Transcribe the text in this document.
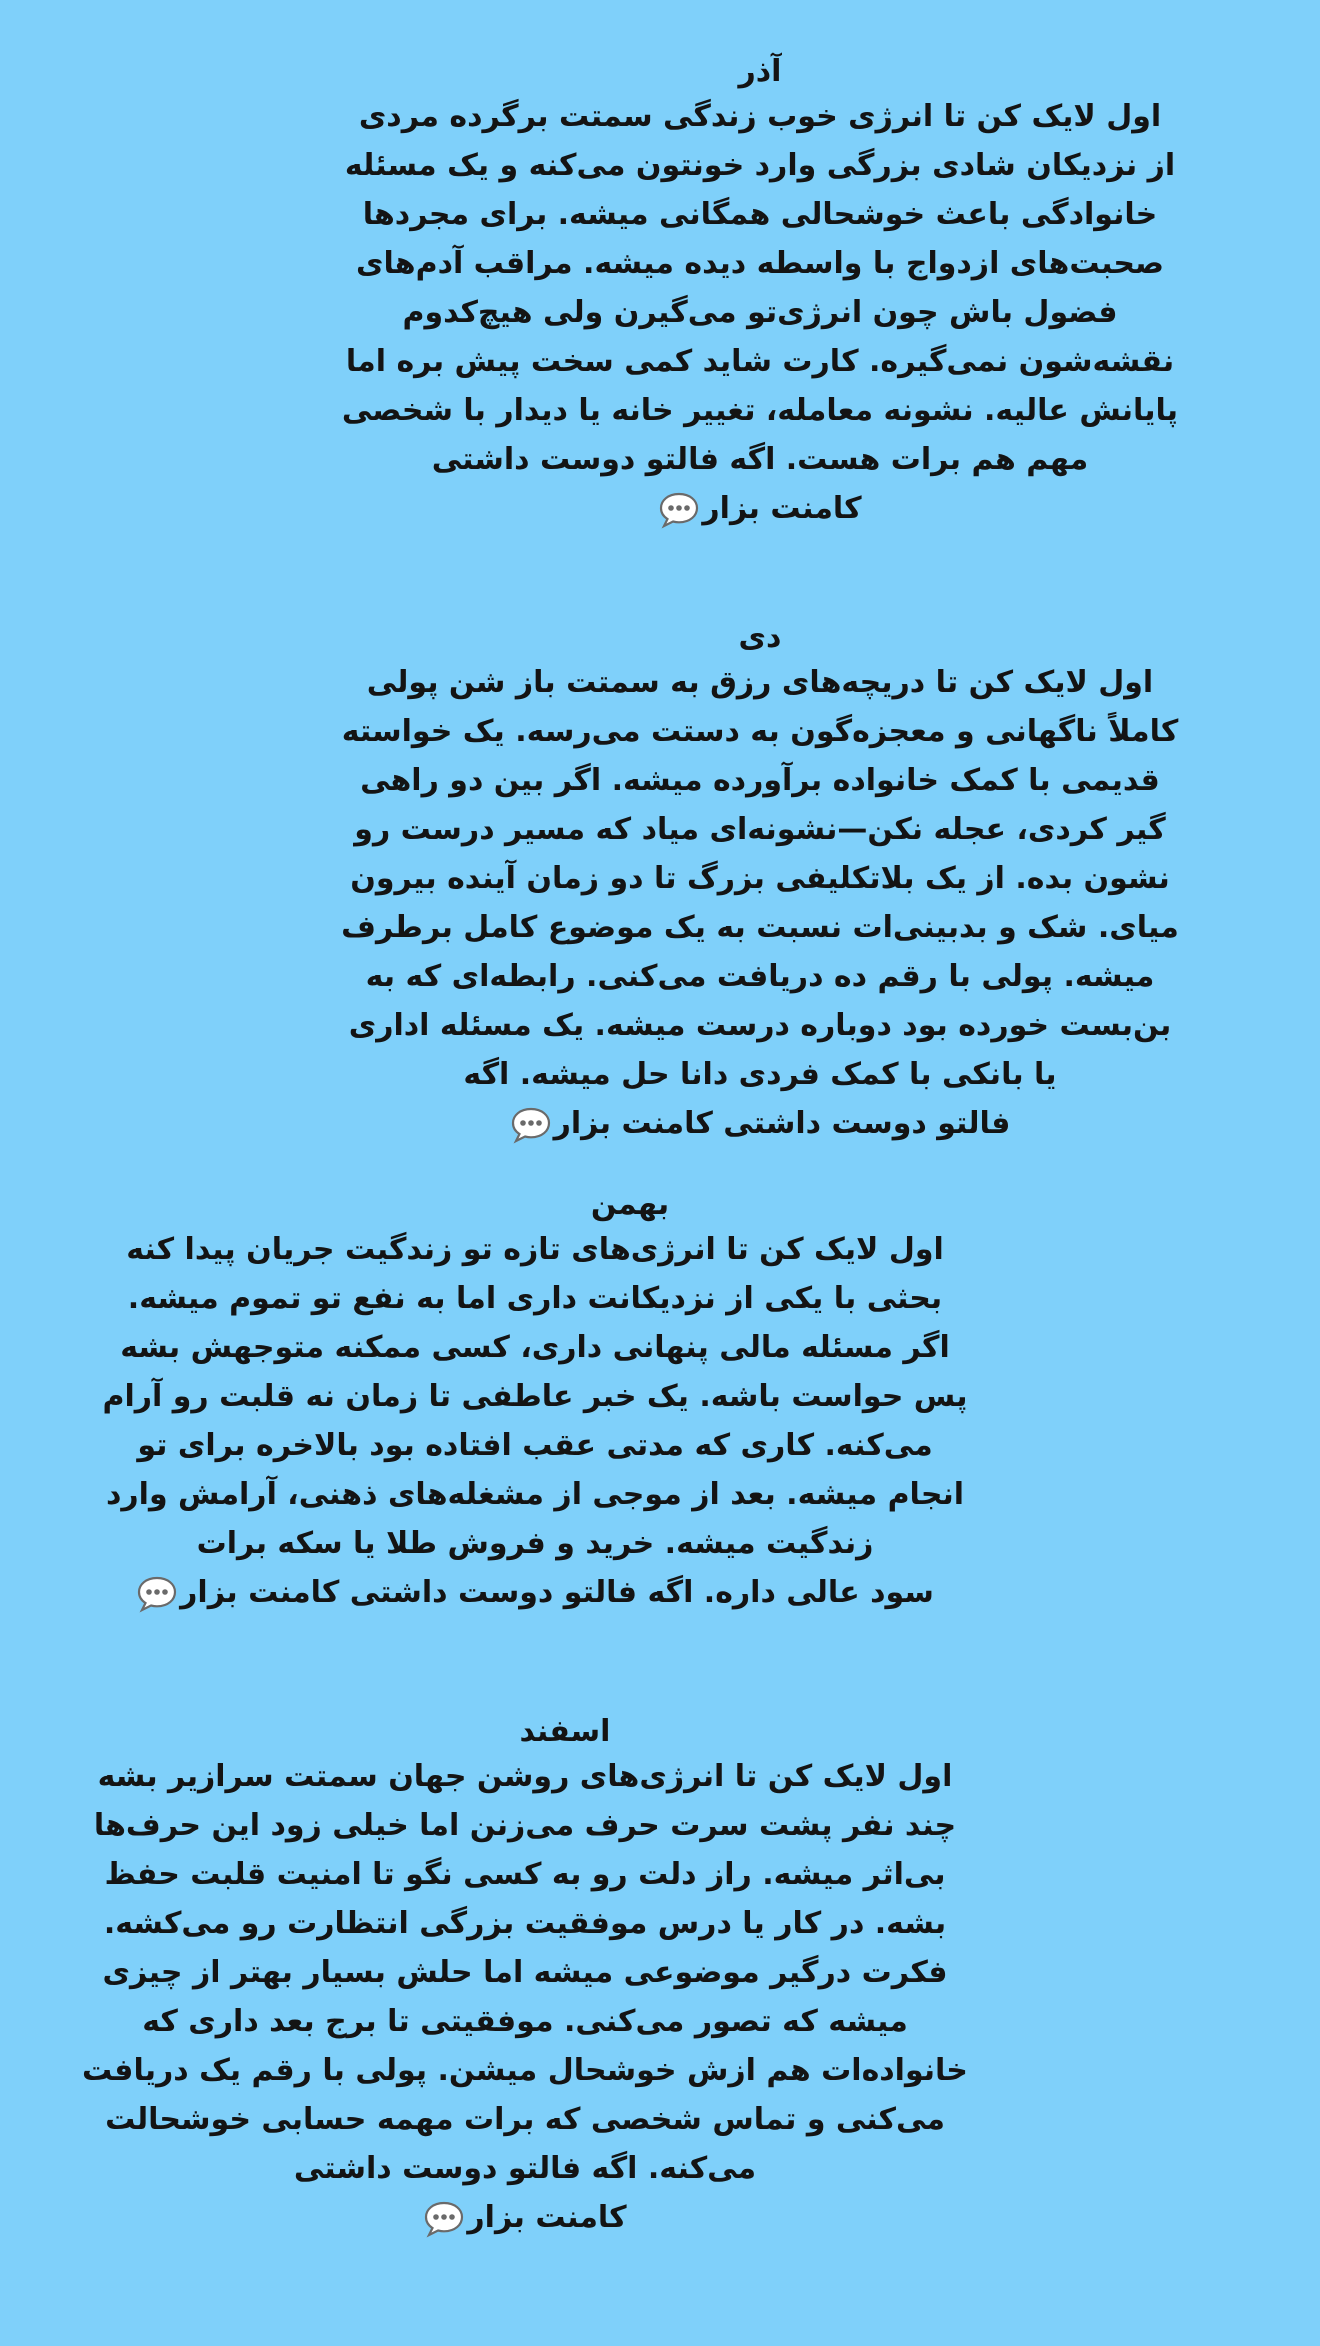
آذر
اول لایک کن تا انرژی خوب زندگی سمتت برگرده مردی از نزدیکان شادی بزرگی وارد خونتون می‌کنه و یک مسئله خانوادگی باعث خوشحالی همگانی میشه. برای مجردها صحبت‌های ازدواج با واسطه دیده میشه. مراقب آدم‌های فضول باش چون انرژی‌تو می‌گیرن ولی هیچ‌کدوم نقشه‌شون نمی‌گیره. کارت شاید کمی سخت پیش بره اما پایانش عالیه. نشونه معامله، تغییر خانه یا دیدار با شخصی مهم هم برات هست. اگه فالتو دوست داشتی
کامنت بزار
دی
اول لایک کن تا دریچه‌های رزق به سمتت باز شن پولی کاملاً ناگهانی و معجزه‌گون به دستت می‌رسه. یک خواسته قدیمی با کمک خانواده برآورده میشه. اگر بین دو راهی گیر کردی، عجله نکن—نشونه‌ای میاد که مسیر درست رو نشون بده. از یک بلاتکلیفی بزرگ تا دو زمان آینده بیرون میای. شک و بدبینی‌ات نسبت به یک موضوع کامل برطرف میشه. پولی با رقم ده دریافت می‌کنی. رابطه‌ای که به بن‌بست خورده بود دوباره درست میشه. یک مسئله اداری یا بانکی با کمک فردی دانا حل میشه. اگه
فالتو دوست داشتی کامنت بزار
بهمن
اول لایک کن تا انرژی‌های تازه تو زندگیت جریان پیدا کنه بحثی با یکی از نزدیکانت داری اما به نفع تو تموم میشه. اگر مسئله مالی پنهانی داری، کسی ممکنه متوجهش بشه پس حواست باشه. یک خبر عاطفی تا زمان نه قلبت رو آرام می‌کنه. کاری که مدتی عقب افتاده بود بالاخره برای تو انجام میشه. بعد از موجی از مشغله‌های ذهنی، آرامش وارد زندگیت میشه. خرید و فروش طلا یا سکه برات
سود عالی داره. اگه فالتو دوست داشتی کامنت بزار
اسفند
اول لایک کن تا انرژی‌های روشن جهان سمتت سرازیر بشه چند نفر پشت سرت حرف می‌زنن اما خیلی زود این حرف‌ها بی‌اثر میشه. راز دلت رو به کسی نگو تا امنیت قلبت حفظ بشه. در کار یا درس موفقیت بزرگی انتظارت رو می‌کشه. فکرت درگیر موضوعی میشه اما حلش بسیار بهتر از چیزی میشه که تصور می‌کنی. موفقیتی تا برج بعد داری که خانواده‌ات هم ازش خوشحال میشن. پولی با رقم یک دریافت می‌کنی و تماس شخصی که برات مهمه حسابی خوشحالت می‌کنه. اگه فالتو دوست داشتی
کامنت بزار
